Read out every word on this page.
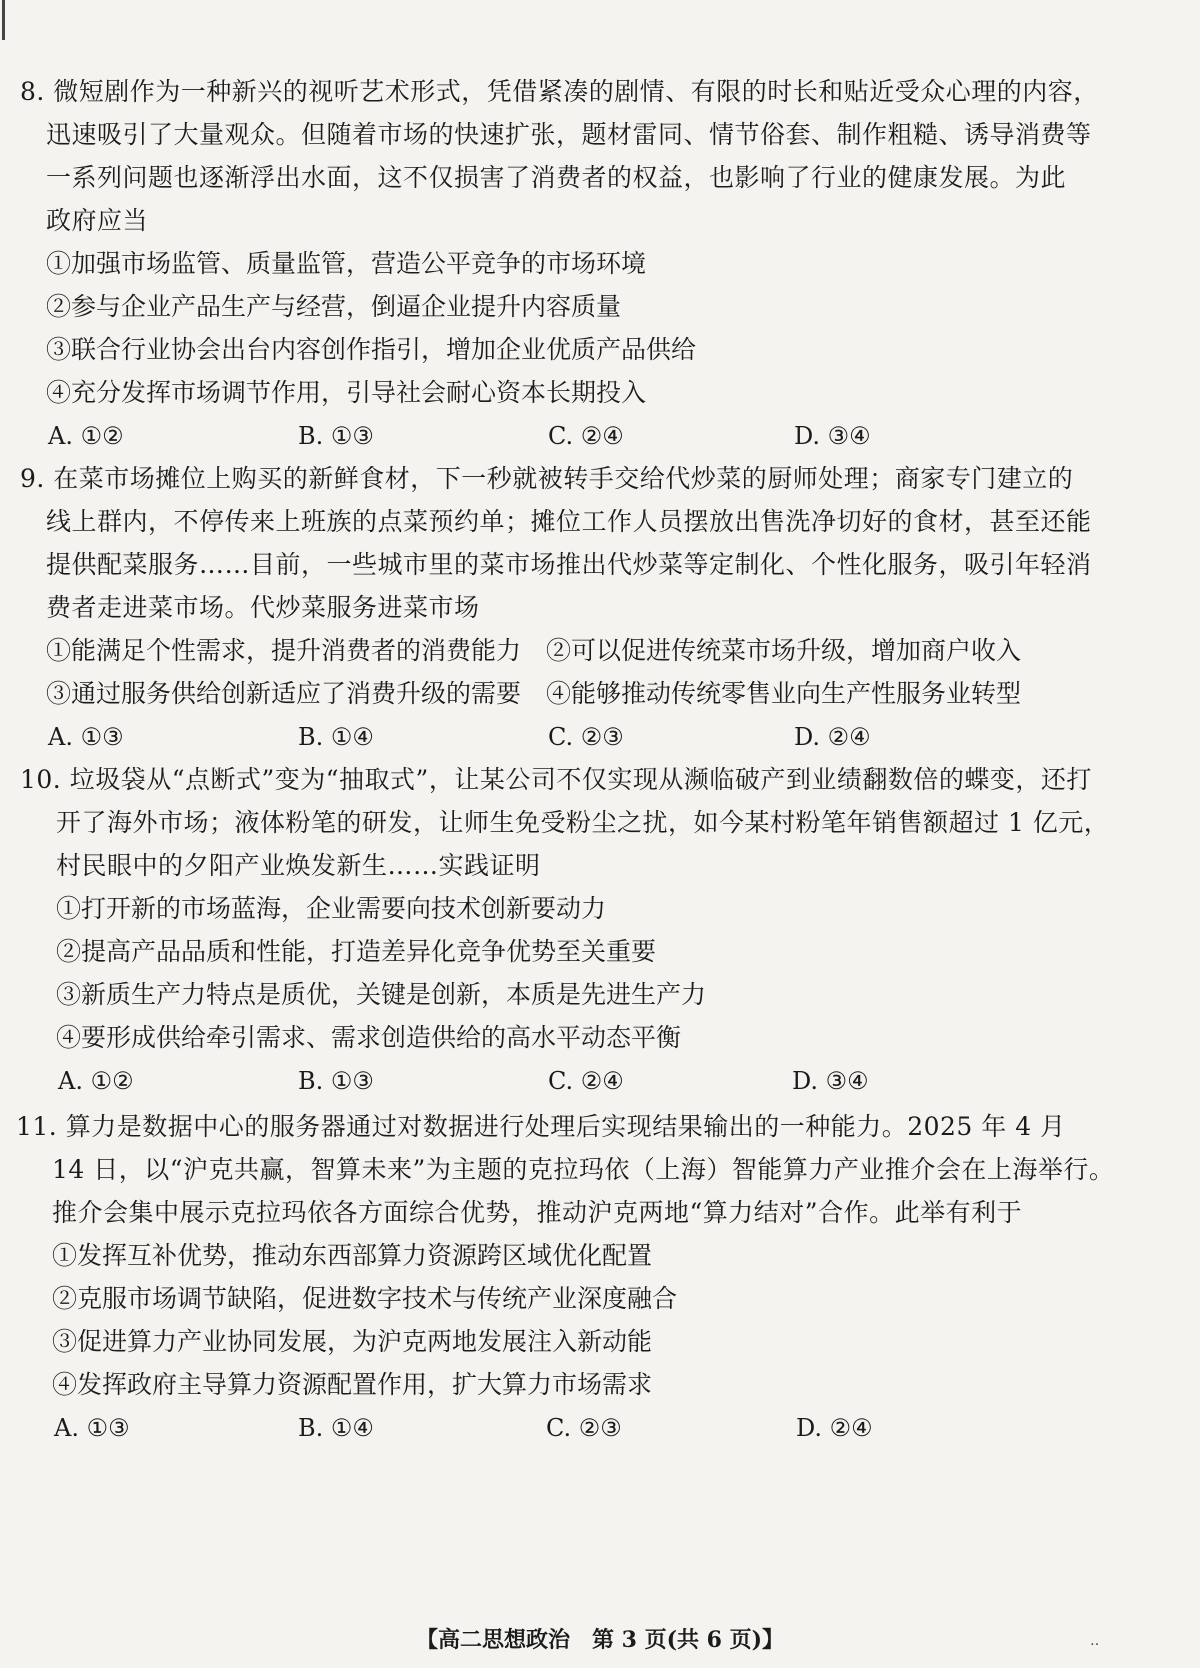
8. 微短剧作为一种新兴的视听艺术形式，凭借紧凑的剧情、有限的时长和贴近受众心理的内容，
迅速吸引了大量观众。但随着市场的快速扩张，题材雷同、情节俗套、制作粗糙、诱导消费等
一系列问题也逐渐浮出水面，这不仅损害了消费者的权益，也影响了行业的健康发展。为此
政府应当
①加强市场监管、质量监管，营造公平竞争的市场环境
②参与企业产品生产与经营，倒逼企业提升内容质量
③联合行业协会出台内容创作指引，增加企业优质产品供给
④充分发挥市场调节作用，引导社会耐心资本长期投入
A. ①②	B. ①③	C. ②④	D. ③④
9. 在菜市场摊位上购买的新鲜食材，下一秒就被转手交给代炒菜的厨师处理；商家专门建立的
线上群内，不停传来上班族的点菜预约单；摊位工作人员摆放出售洗净切好的食材，甚至还能
提供配菜服务……目前，一些城市里的菜市场推出代炒菜等定制化、个性化服务，吸引年轻消
费者走进菜市场。代炒菜服务进菜市场
①能满足个性需求，提升消费者的消费能力 ②可以促进传统菜市场升级，增加商户收入
③通过服务供给创新适应了消费升级的需要 ④能够推动传统零售业向生产性服务业转型
A. ①③	B. ①④	C. ②③	D. ②④
10. 垃圾袋从“点断式”变为“抽取式”，让某公司不仅实现从濒临破产到业绩翻数倍的蝶变，还打
开了海外市场；液体粉笔的研发，让师生免受粉尘之扰，如今某村粉笔年销售额超过 1 亿元，
村民眼中的夕阳产业焕发新生……实践证明
①打开新的市场蓝海，企业需要向技术创新要动力
②提高产品品质和性能，打造差异化竞争优势至关重要
③新质生产力特点是质优，关键是创新，本质是先进生产力
④要形成供给牵引需求、需求创造供给的高水平动态平衡
A. ①②	B. ①③	C. ②④	D. ③④
11. 算力是数据中心的服务器通过对数据进行处理后实现结果输出的一种能力。2025 年 4 月
14 日，以“沪克共赢，智算未来”为主题的克拉玛依（上海）智能算力产业推介会在上海举行。
推介会集中展示克拉玛依各方面综合优势，推动沪克两地“算力结对”合作。此举有利于
①发挥互补优势，推动东西部算力资源跨区域优化配置
②克服市场调节缺陷，促进数字技术与传统产业深度融合
③促进算力产业协同发展，为沪克两地发展注入新动能
④发挥政府主导算力资源配置作用，扩大算力市场需求
A. ①③	B. ①④	C. ②③	D. ②④
【高二思想政治　第 3 页(共 6 页)】	‥
